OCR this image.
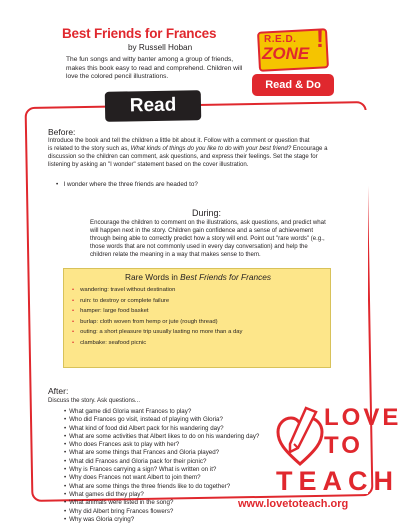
Best Friends for Frances
by Russell Hoban
The fun songs and witty banter among a group of friends, makes this book easy to read and comprehend. Children will love the colored pencil illustrations.
R.E.D.
ZONE
!
Read & Do
Read
Before:
Introduce the book and tell the children a little bit about it. Follow with a comment or question that
is related to the story such as, What kinds of things do you like to do with your best friend? Encourage a
discussion so the children can comment, ask questions, and express their feelings. Set the stage for
listening by asking an "I wonder" statement based on the cover illustration.
•   I wonder where the three friends are headed to?
During:
Encourage the children to comment on the illustrations, ask questions, and predict what
will happen next in the story. Children gain confidence and a sense of achievement
through being able to correctly predict how a story will end. Point out "rare words" (e.g.,
those words that are not commonly used in every day conversation) and help the
children relate the meaning in a way that makes sense to them.
Rare Words in Best Friends for Frances
• wandering: travel without destination
• ruin: to destroy or complete failure
• hamper: large food basket
• burlap: cloth woven from hemp or jute (rough thread)
• outing: a short pleasure trip usually lasting no more than a day
• clambake: seafood picnic
After:
Discuss the story. Ask questions...
• What game did Gloria want Frances to play?
• Who did Frances go visit, instead of playing with Gloria?
• What kind of food did Albert pack for his wandering day?
• What are some activities that Albert likes to do on his wandering day?
• Who does Frances ask to play with her?
• What are some things that Frances and Gloria played?
• What did Frances and Gloria pack for their picnic?
• Why is Frances carrying a sign? What is written on it?
• Why does Frances not want Albert to join them?
• What are some things the three friends like to do together?
• What games did they play?
• What animals were listed in the song?
• Why did Albert bring Frances flowers?
• Why was Gloria crying?
LOVE
TO
TEACH
www.lovetoteach.org
